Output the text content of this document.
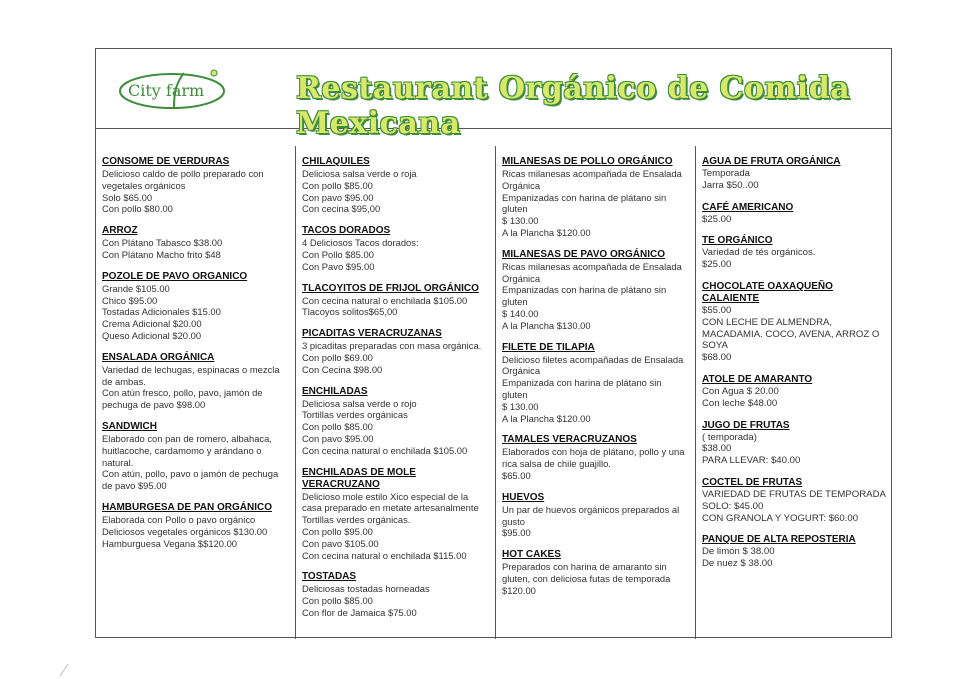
City farm	Restaurant Orgánico de Comida Mexicana
CONSOME DE VERDURAS
Delicioso caldo de pollo preparado con vegetales orgánicos
Solo $65.00
Con pollo $80.00
ARROZ
Con Plátano Tabasco $38.00
Con Plátano Macho frito $48
POZOLE DE PAVO ORGANICO
Grande $105.00
Chico $95.00
Tostadas Adicionales $15.00
Crema Adicional $20.00
Queso Adicional $20.00
ENSALADA ORGÁNICA
Variedad de lechugas, espinacas o mezcla de ambas.
Con atún fresco, pollo, pavo, jamón de pechuga de pavo $98.00
SANDWICH
Elaborado con pan de romero, albahaca, huitlacoche, cardamomo y arándano o natural.
Con atún, pollo, pavo o jamón de pechuga de pavo $95.00
HAMBURGESA DE PAN ORGÁNICO
Elaborada con Pollo o pavo orgánico
Deliciosos vegetales orgánicos $130.00
Hamburguesa Vegana $$120.00
CHILAQUILES
Deliciosa salsa verde o roja
Con pollo $85.00
Con pavo $95.00
Con cecina $95,00
TACOS DORADOS
4 Deliciosos Tacos dorados:
Con Pollo $85.00
Con Pavo $95.00
TLACOYITOS DE FRIJOL ORGÁNICO
Con cecina natural o enchilada $105.00
Tlacoyos solitos$65,00
PICADITAS VERACRUZANAS
3 picaditas preparadas con masa orgánica.
Con pollo $69.00
Con Cecina $98.00
ENCHILADAS
Deliciosa salsa verde o rojo
Tortillas verdes orgánicas
Con pollo $85.00
Con pavo $95.00
Con cecina natural o enchilada $105.00
ENCHILADAS DE MOLE VERACRUZANO
Delicioso mole estilo Xico especial de la casa preparado en metate artesanalmente
Tortillas verdes orgánicas.
Con pollo $95.00
Con pavo $105.00
Con cecina natural o enchilada $115.00
TOSTADAS
Deliciosas tostadas horneadas
Con pollo $85.00
Con flor de Jamaica $75.00
MILANESAS DE POLLO ORGÁNICO
Ricas milanesas acompañada de Ensalada Orgánica
Empanizadas con harina de plátano sin gluten
$ 130.00
A la Plancha $120.00
MILANESAS DE PAVO ORGÁNICO
Ricas milanesas acompañada de Ensalada Orgánica
Empanizadas con harina de plátano sin gluten
$ 140.00
A la Plancha $130.00
FILETE DE TILAPIA
Delicioso filetes acompañadas de Ensalada Orgánica
Empanizada con harina de plátano sin gluten
$ 130.00
A la Plancha $120.00
TAMALES VERACRUZANOS
Elaborados con hoja de plátano, pollo y una rica salsa de chile guajillo.
$65.00
HUEVOS
Un par de huevos orgánicos preparados al gusto
$95.00
HOT CAKES
Preparados con harina de amaranto sin gluten, con deliciosa futas de temporada
$120.00
AGUA DE FRUTA ORGÁNICA
Temporada
Jarra $50..00
CAFÉ AMERICANO
$25.00
TE ORGÁNICO
Variedad de tés orgánicos.
$25.00
CHOCOLATE OAXAQUEÑO CALAIENTE
$55.00
CON LECHE DE ALMENDRA, MACADAMIA. COCO, AVENA, ARROZ O SOYA
$68.00
ATOLE DE AMARANTO
Con Agua $ 20.00
Con leche $48.00
JUGO DE FRUTAS
( temporada)
$38.00
PARA LLEVAR: $40.00
COCTEL DE FRUTAS
VARIEDAD DE FRUTAS DE TEMPORADA
SOLO: $45.00
CON GRANOLA Y YOGURT: $60.00
PANQUE DE ALTA REPOSTERIA
De limón $ 38.00
De nuez $ 38.00
